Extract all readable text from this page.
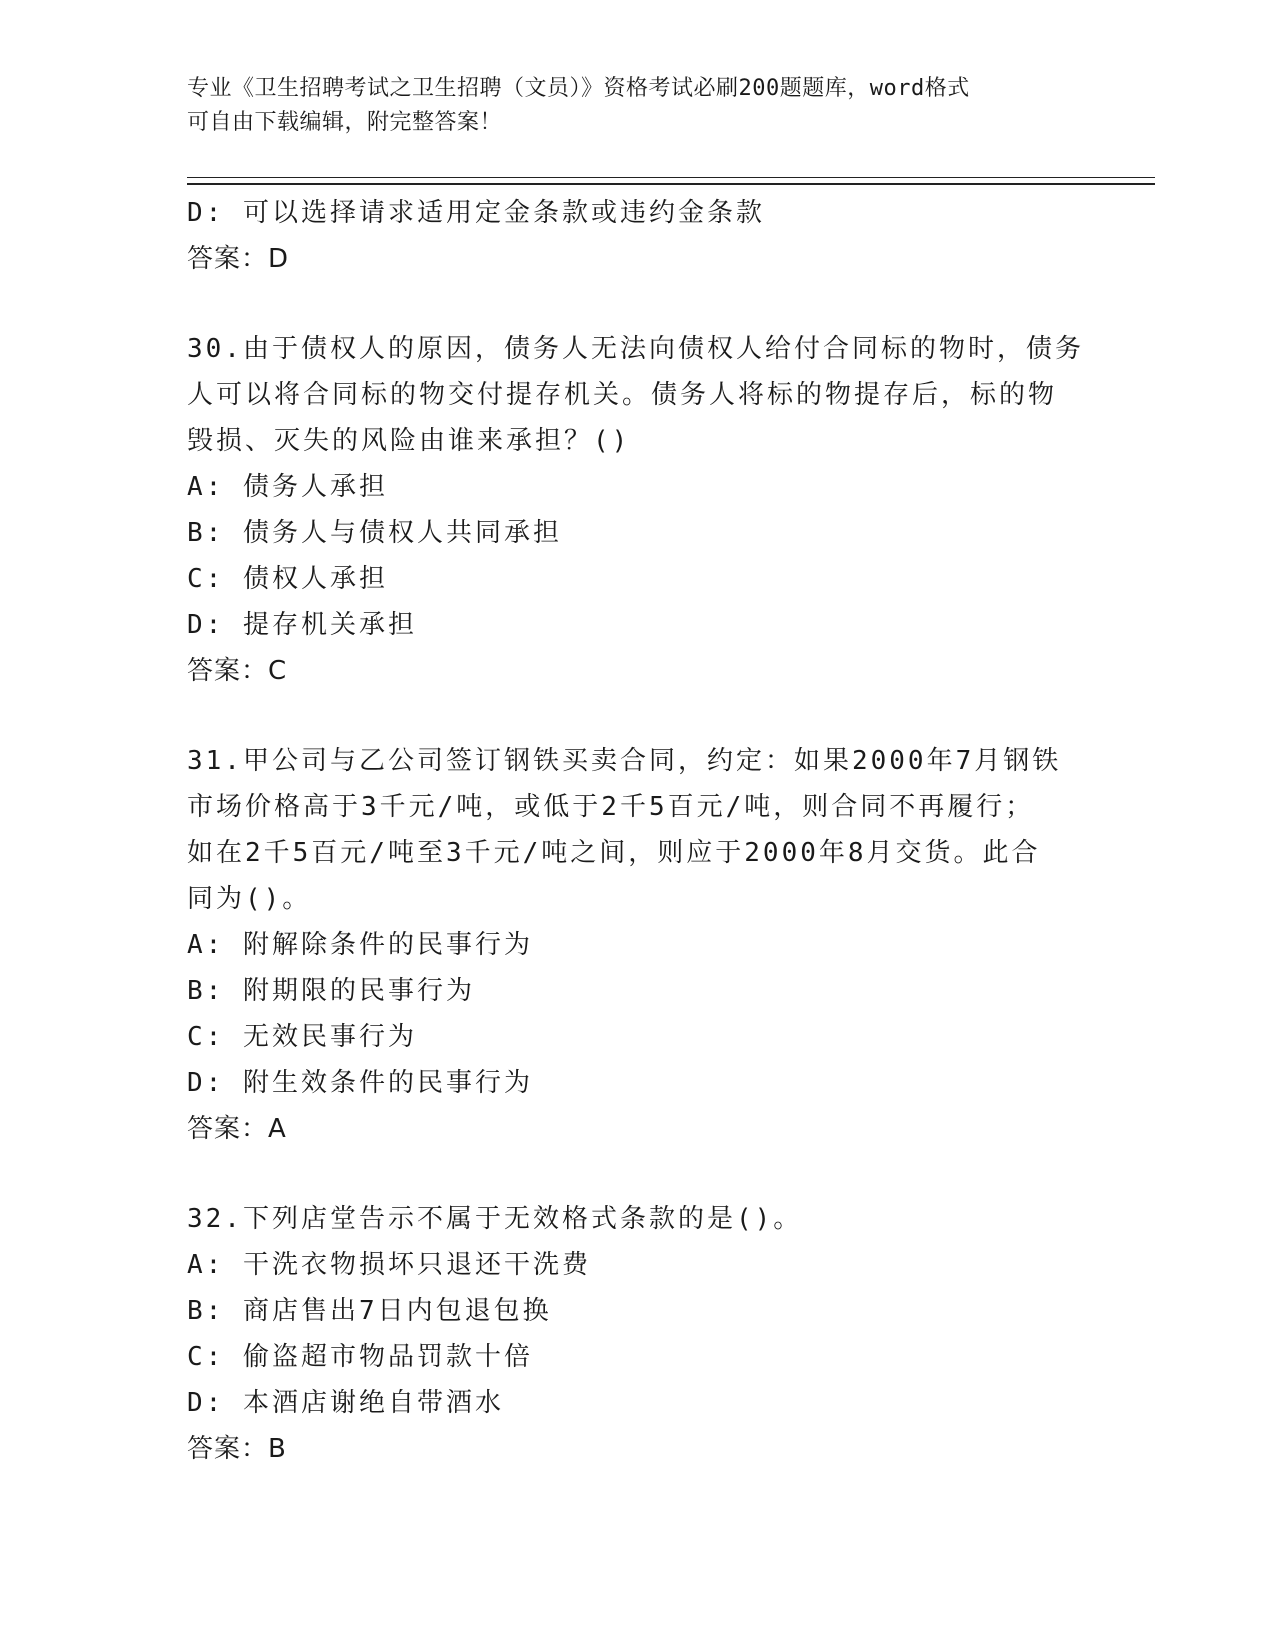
专业《卫生招聘考试之卫生招聘（文员）》资格考试必刷200题题库，word格式
可自由下载编辑，附完整答案！
D: 可以选择请求适用定金条款或违约金条款
答案：D
30.由于债权人的原因，债务人无法向债权人给付合同标的物时，债务
人可以将合同标的物交付提存机关。债务人将标的物提存后，标的物
毁损、灭失的风险由谁来承担？()
A: 债务人承担
B: 债务人与债权人共同承担
C: 债权人承担
D: 提存机关承担
答案：C
31.甲公司与乙公司签订钢铁买卖合同，约定：如果2000年7月钢铁
市场价格高于3千元/吨，或低于2千5百元/吨，则合同不再履行；
如在2千5百元/吨至3千元/吨之间，则应于2000年8月交货。此合
同为()。
A: 附解除条件的民事行为
B: 附期限的民事行为
C: 无效民事行为
D: 附生效条件的民事行为
答案：A
32.下列店堂告示不属于无效格式条款的是()。
A: 干洗衣物损坏只退还干洗费
B: 商店售出7日内包退包换
C: 偷盗超市物品罚款十倍
D: 本酒店谢绝自带酒水
答案：B
